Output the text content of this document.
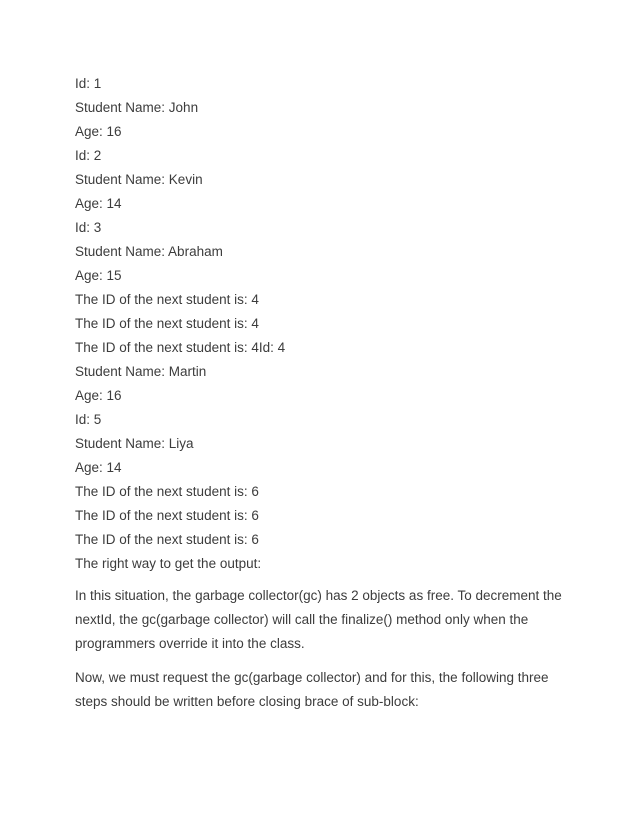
Id: 1
Student Name: John
Age: 16
Id: 2
Student Name: Kevin
Age: 14
Id: 3
Student Name: Abraham
Age: 15
The ID of the next student is: 4
The ID of the next student is: 4
The ID of the next student is: 4Id: 4
Student Name: Martin
Age: 16
Id: 5
Student Name: Liya
Age: 14
The ID of the next student is: 6
The ID of the next student is: 6
The ID of the next student is: 6
The right way to get the output:

In this situation, the garbage collector(gc) has 2 objects as free. To decrement the nextId, the gc(garbage collector) will call the finalize() method only when the programmers override it into the class.

Now, we must request the gc(garbage collector) and for this, the following three steps should be written before closing brace of sub-block:
